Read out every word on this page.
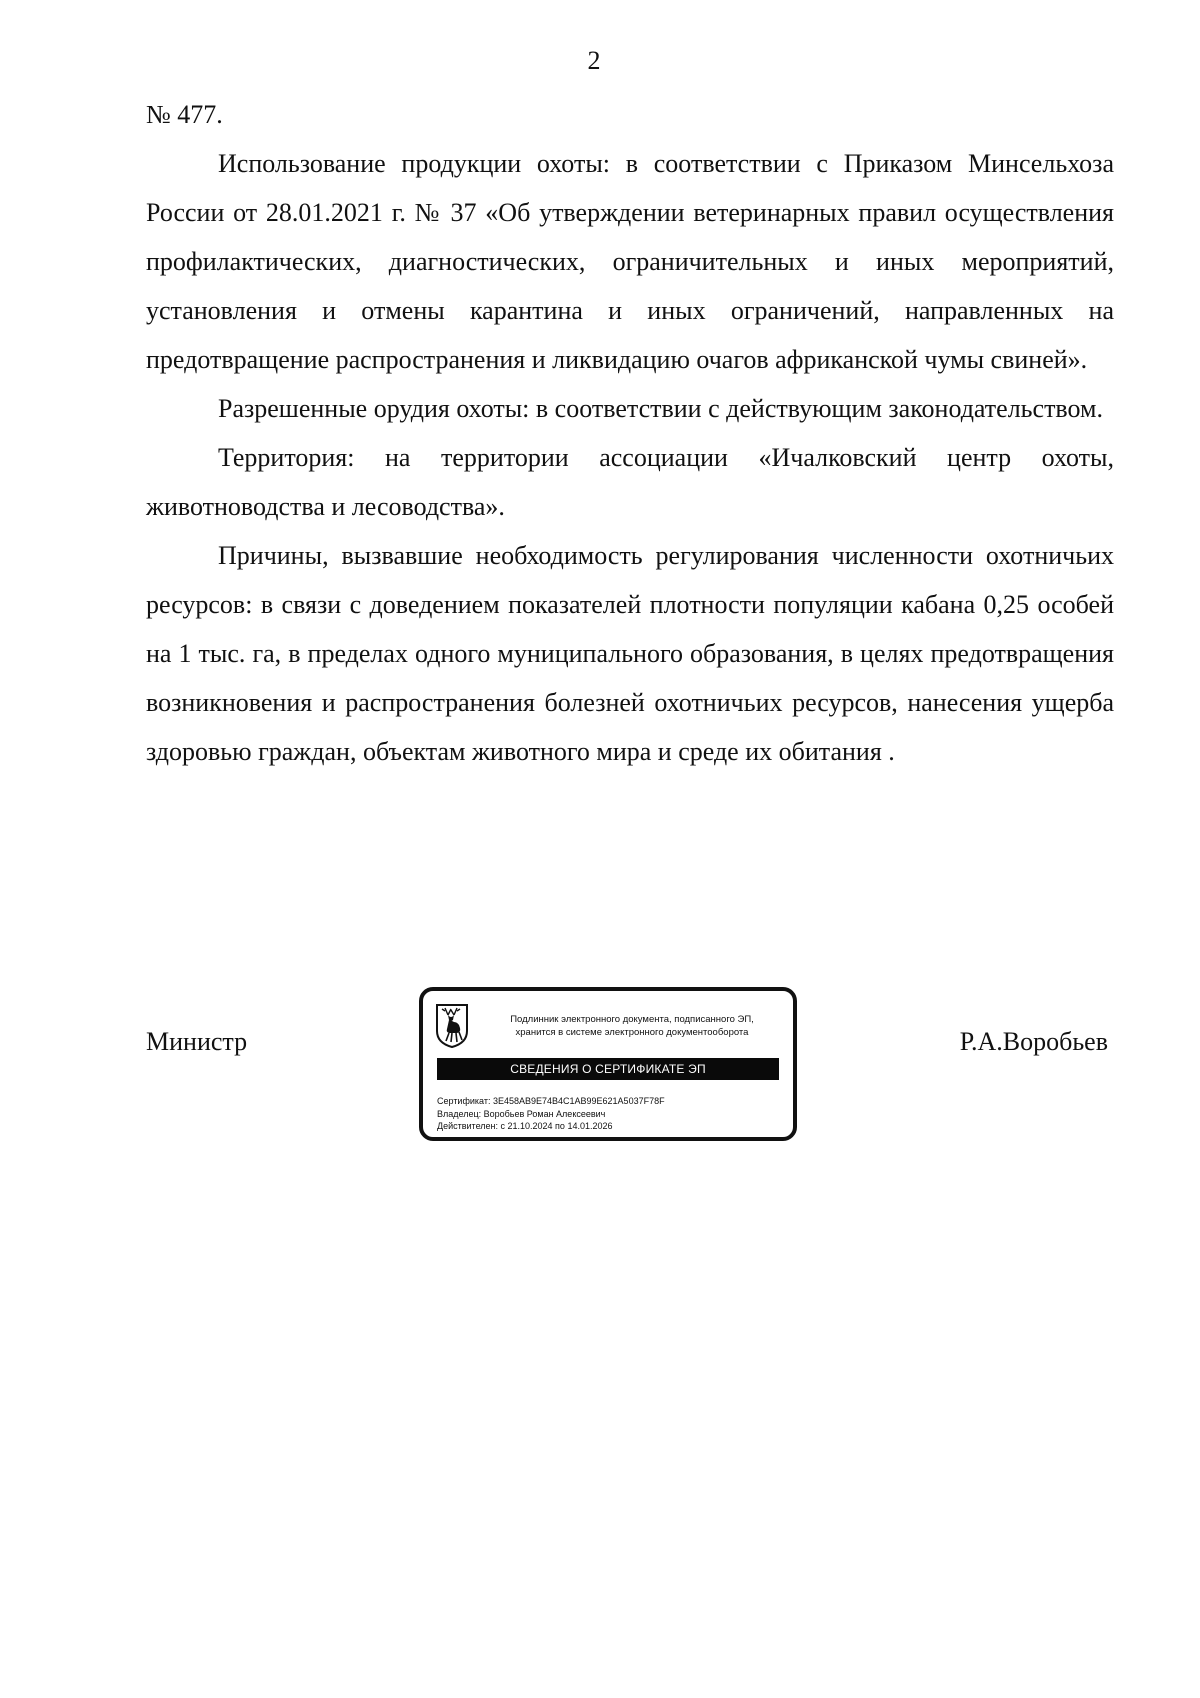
2
№ 477.

Использование продукции охоты: в соответствии с Приказом Минсельхоза России от 28.01.2021 г. № 37 «Об утверждении ветеринарных правил осуществления профилактических, диагностических, ограничительных и иных мероприятий, установления и отмены карантина и иных ограничений, направленных на предотвращение распространения и ликвидацию очагов африканской чумы свиней».

Разрешенные орудия охоты: в соответствии с действующим законодательством.

Территория: на территории ассоциации «Ичалковский центр охоты, животноводства и лесоводства».

Причины, вызвавшие необходимость регулирования численности охотничьих ресурсов: в связи с доведением показателей плотности популяции кабана 0,25 особей на 1 тыс. га, в пределах одного муниципального образования, в целях предотвращения возникновения и распространения болезней охотничьих ресурсов, нанесения ущерба здоровью граждан, объектам животного мира и среде их обитания .

Министр	Р.А.Воробьев
Подлинник электронного документа, подписанного ЭП,
хранится в системе электронного документооборота
СВЕДЕНИЯ О СЕРТИФИКАТЕ ЭП
Сертификат: 3E458AB9E74B4C1AB99E621A5037F78F
Владелец: Воробьев Роман Алексеевич
Действителен: с 21.10.2024 по 14.01.2026
